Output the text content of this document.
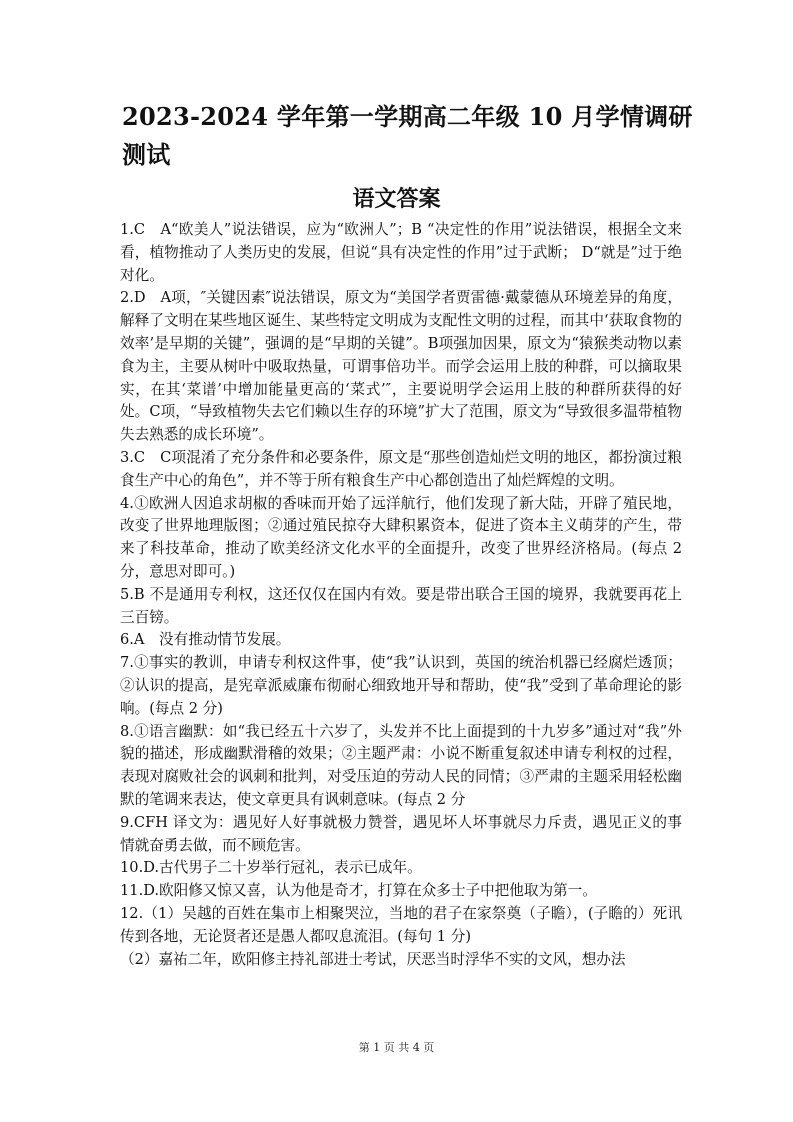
2023-2024 学年第一学期高二年级 10 月学情调研测试
语文答案

1.C　A“欧美人”说法错误，应为“欧洲人”；B “决定性的作用”说法错误，根据全文来看，植物推动了人类历史的发展，但说“具有决定性的作用”过于武断； D“就是”过于绝对化。

2.D　A项，″关键因素″说法错误，原文为“美国学者贾雷德·戴蒙德从环境差异的角度，解释了文明在某些地区诞生、某些特定文明成为支配性文明的过程，而其中‘获取食物的效率’是早期的关键”，强调的是“早期的关键”。B项强加因果，原文为“猿猴类动物以素食为主，主要从树叶中吸取热量，可谓事倍功半。而学会运用上肢的种群，可以摘取果实，在其‘菜谱’中增加能量更高的‘菜式’″，主要说明学会运用上肢的种群所获得的好处。C项，“导致植物失去它们赖以生存的环境”扩大了范围，原文为“导致很多温带植物失去熟悉的成长环境”。

3.C　C项混淆了充分条件和必要条件，原文是“那些创造灿烂文明的地区，都扮演过粮食生产中心的角色”，并不等于所有粮食生产中心都创造出了灿烂辉煌的文明。

4.①欧洲人因追求胡椒的香味而开始了远洋航行，他们发现了新大陆，开辟了殖民地，改变了世界地理版图；②通过殖民掠夺大肆积累资本，促进了资本主义萌芽的产生，带来了科技革命，推动了欧美经济文化水平的全面提升，改变了世界经济格局。(每点 2 分，意思对即可。)

5.B 不是通用专利权，这还仅仅在国内有效。要是带出联合王国的境界，我就要再花上三百镑。

6.A　没有推动情节发展。

7.①事实的教训，申请专利权这件事，使“我”认识到，英国的统治机器已经腐烂透顶；②认识的提高，是宪章派威廉布彻耐心细致地开导和帮助，使“我”受到了革命理论的影响。(每点 2 分)

8.①语言幽默：如“我已经五十六岁了，头发并不比上面提到的十九岁多”通过对“我”外貌的描述，形成幽默滑稽的效果；②主题严肃：小说不断重复叙述申请专利权的过程，表现对腐败社会的讽刺和批判，对受压迫的劳动人民的同情；③严肃的主题采用轻松幽默的笔调来表达，使文章更具有讽刺意味。(每点 2 分

9.CFH 译文为：遇见好人好事就极力赞誉，遇见坏人坏事就尽力斥责，遇见正义的事情就奋勇去做，而不顾危害。

10.D.古代男子二十岁举行冠礼，表示已成年。

11.D.欧阳修又惊又喜，认为他是奇才，打算在众多士子中把他取为第一。

12.（1）吴越的百姓在集市上相聚哭泣，当地的君子在家祭奠（子瞻），(子瞻的）死讯传到各地，无论贤者还是愚人都叹息流泪。(每句 1 分)

（2）嘉祐二年，欧阳修主持礼部进士考试，厌恶当时浮华不实的文风，想办法

第 1 页 共 4 页
